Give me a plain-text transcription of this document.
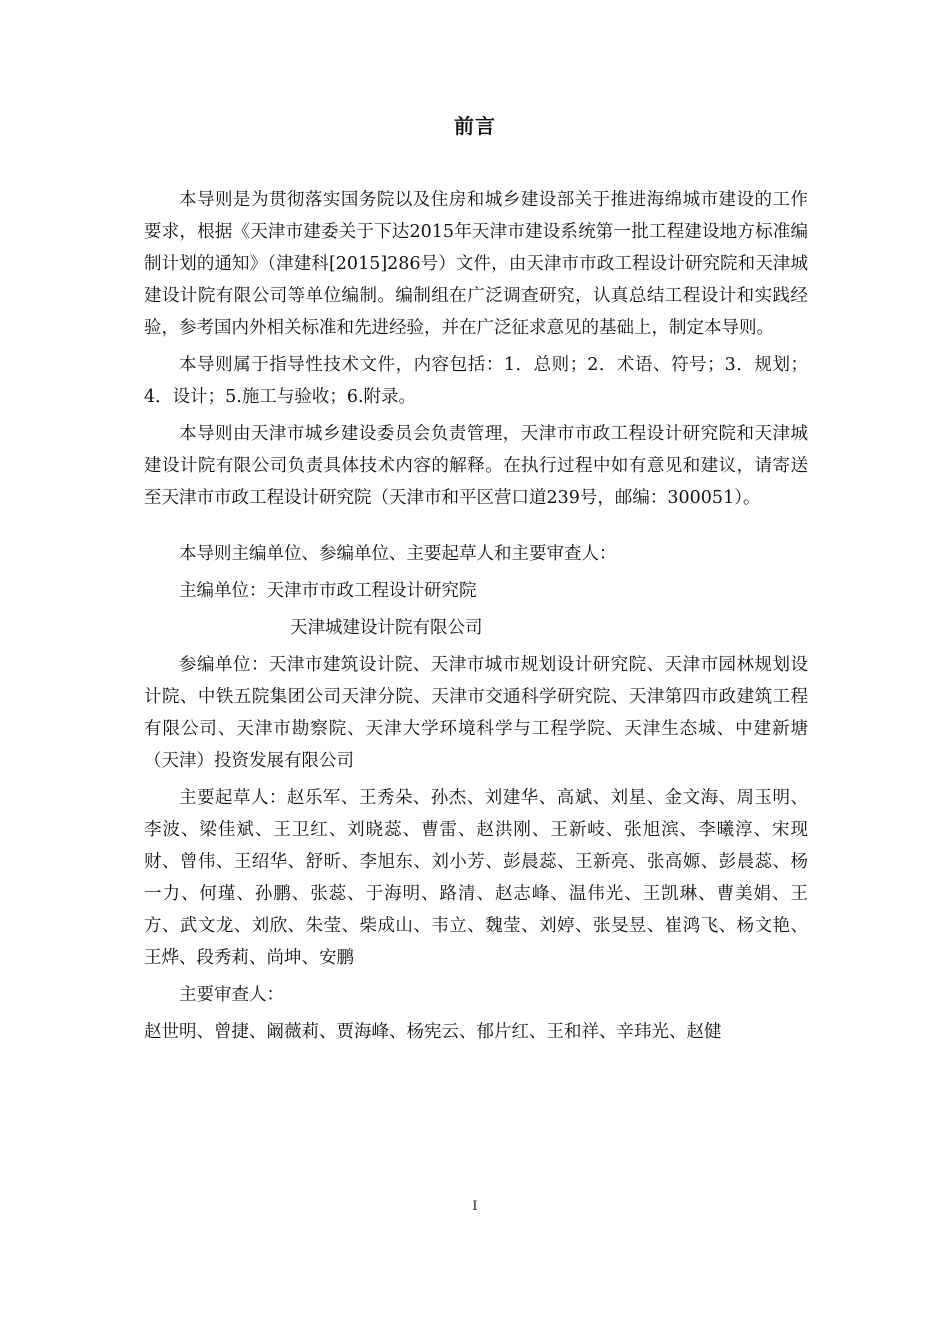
前言

本导则是为贯彻落实国务院以及住房和城乡建设部关于推进海绵城市建设的工作要求，根据《天津市建委关于下达2015年天津市建设系统第一批工程建设地方标准编制计划的通知》（津建科[2015]286号）文件，由天津市市政工程设计研究院和天津城建设计院有限公司等单位编制。编制组在广泛调查研究，认真总结工程设计和实践经验，参考国内外相关标准和先进经验，并在广泛征求意见的基础上，制定本导则。

本导则属于指导性技术文件，内容包括：1．总则；2．术语、符号；3．规划；4．设计；5.施工与验收；6.附录。

本导则由天津市城乡建设委员会负责管理，天津市市政工程设计研究院和天津城建设计院有限公司负责具体技术内容的解释。在执行过程中如有意见和建议，请寄送至天津市市政工程设计研究院（天津市和平区营口道239号，邮编：300051）。

本导则主编单位、参编单位、主要起草人和主要审查人：

主编单位：天津市市政工程设计研究院

天津城建设计院有限公司

参编单位：天津市建筑设计院、天津市城市规划设计研究院、天津市园林规划设计院、中铁五院集团公司天津分院、天津市交通科学研究院、天津第四市政建筑工程有限公司、天津市勘察院、天津大学环境科学与工程学院、天津生态城、中建新塘（天津）投资发展有限公司

主要起草人：赵乐军、王秀朵、孙杰、刘建华、高斌、刘星、金文海、周玉明、李波、梁佳斌、王卫红、刘晓蕊、曹雷、赵洪刚、王新岐、张旭滨、李曦淳、宋现财、曾伟、王绍华、舒昕、李旭东、刘小芳、彭晨蕊、王新亮、张高嫄、彭晨蕊、杨一力、何瑾、孙鹏、张蕊、于海明、路清、赵志峰、温伟光、王凯琳、曹美娟、王方、武文龙、刘欣、朱莹、柴成山、韦立、魏莹、刘婷、张旻昱、崔鸿飞、杨文艳、王烨、段秀莉、尚坤、安鹏

主要审查人：

赵世明、曾捷、阚薇莉、贾海峰、杨宪云、郁片红、王和祥、辛玮光、赵健

I
